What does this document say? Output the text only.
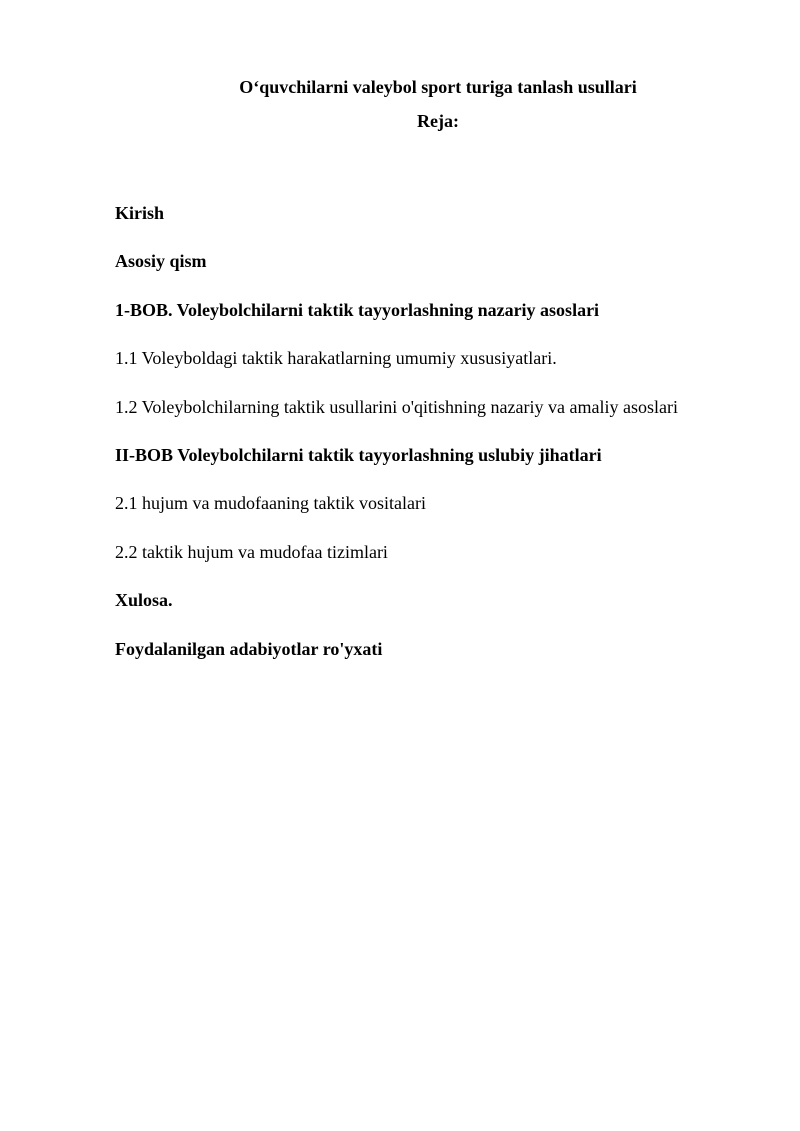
O‘quvchilarni valeybol sport turiga tanlash usullari
Reja:
Kirish
Asosiy qism
1-BOB. Voleybolchilarni taktik tayyorlashning nazariy asoslari
1.1 Voleyboldagi taktik harakatlarning umumiy xususiyatlari.
1.2 Voleybolchilarning taktik usullarini o'qitishning nazariy va amaliy asoslari
II-BOB Voleybolchilarni taktik tayyorlashning uslubiy jihatlari
2.1 hujum va mudofaaning taktik vositalari
2.2 taktik hujum va mudofaa tizimlari
Xulosa.
Foydalanilgan adabiyotlar ro'yxati
